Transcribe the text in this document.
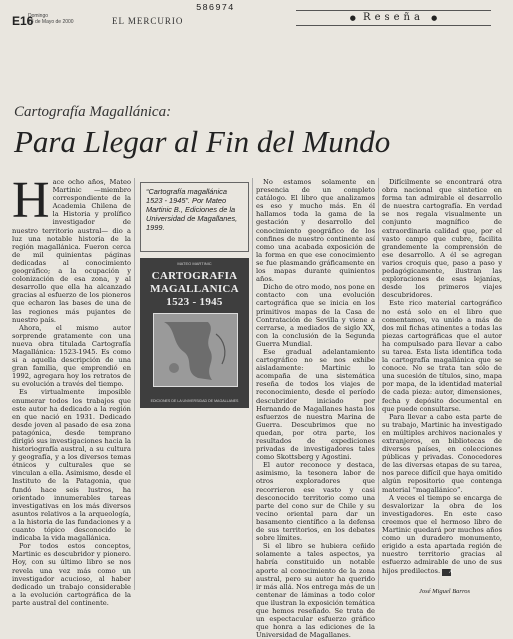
586974
E16
Domingo
28 de Mayo de 2000	EL MERCURIO	● Reseña ●
Cartografía Magallánica:
Para Llegar al Fin del Mundo
H ace ocho años, Mateo Martinic —miembro correspondiente de la Academia Chilena de la Historia y prolífico investigador de nuestro territorio austral— dio a luz una notable historia de la región magallánica. Fueron cerca de mil quinientas páginas dedicadas al conocimiento geográfico; a la ocupación y colonización de esa zona, y al desarrollo que ella ha alcanzado gracias al esfuerzo de los pioneros que echaron las bases de una de las regiones más pujantes de nuestro país.

Ahora, el mismo autor sorprende gratamente con una nueva obra titulada Cartografía Magallánica: 1523-1945. Es como si a aquella descripción de una gran familia, que emprendió en 1992, agregara hoy los retratos de su evolución a través del tiempo.

Es virtualmente imposible enumerar todos los trabajos que este autor ha dedicado a la región en que nació en 1931. Dedicado desde joven al pasado de esa zona patagónica, desde temprano dirigió sus investigaciones hacia la historiografía austral, a su cultura y geografía, y a los diversos temas étnicos y culturales que se vinculan a ella. Asimismo, desde el Instituto de la Patagonia, que fundó hace seis lustros, ha orientado innumerables tareas investigativas en los más diversos asuntos relativos a la arqueología, a la historia de las fundaciones y a cuanto tópico desconocido le indicaba la vida magallánica.

Por todos estos conceptos, Martinic es descubridor y pionero. Hoy, con su último libro se nos revela una vez más como un investigador acucioso, al haber dedicado un trabajo considerable a la evolución cartográfica de la parte austral del continente.

“Cartografía magallánica 1523 - 1945”. Por Mateo Martinic B., Ediciones de la Universidad de Magallanes, 1999.
MATEO MARTINIC
CARTOGRAFIA
MAGALLANICA
1523 - 1945
EDICIONES DE LA UNIVERSIDAD DE MAGALLANES

No estamos solamente en presencia de un completo catálogo. El libro que analizamos es eso y mucho más. En él hallamos toda la gama de la gestación y desarrollo del conocimiento geográfico de los confines de nuestro continente así como una acabada exposición de la forma en que ese conocimiento se fue plasmando gráficamente en los mapas durante quinientos años.

Dicho de otro modo, nos pone en contacto con una evolución cartográfica que se inicia en los primitivos mapas de la Casa de Contratación de Sevilla y viene a cerrarse, a mediados de siglo XX, con la conclusión de la Segunda Guerra Mundial.

Ese gradual adelantamiento cartográfico no se nos exhibe aisladamente: Martinic lo acompaña de una sistemática reseña de todos los viajes de reconocimiento, desde el período descubridor iniciado por Hernando de Magallanes hasta los esfuerzos de nuestra Marina de Guerra. Descubrimos que no quedan, por otra parte, los resultados de expediciones privadas de investigadores tales como Skottsberg y Agostini.

El autor reconoce y destaca, asimismo, la tesonera labor de otros exploradores que recorrieron ese vasto y casi desconocido territorio como una parte del cono sur de Chile y su vecino oriental para dar un basamento científico a la defensa de sus territorios, en los debates sobre límites.

Si el libro se hubiera ceñido solamente a tales aspectos, ya habría constituido un notable aporte al conocimiento de la zona austral, pero su autor ha querido ir más allá. Nos entrega más de un centenar de láminas a todo color que ilustran la exposición temática que hemos reseñado. Se trata de un espectacular esfuerzo gráfico que honra a las ediciones de la Universidad de Magallanes.

Difícilmente se encontrará otra obra nacional que sintetice en forma tan admirable el desarrollo de nuestra cartografía. En verdad se nos regala visualmente un conjunto magnífico de extraordinaria calidad que, por el vasto campo que cubre, facilita grandemente la comprensión de ese desarrollo. A él se agregan varios croquis que, paso a paso y pedagógicamente, ilustran las exploraciones de esas lejanías, desde los primeros viajes descubridores.

Este rico material cartográfico no está solo en el libro que comentamos, va unido a más de dos mil fichas atinentes a todas las piezas cartográficas que el autor ha compulsado para llevar a cabo su tarea. Esta lista identifica toda la cartografía magallánica que se conoce. No se trata tan sólo de una sucesión de títulos, sino, mapa por mapa, de la identidad material de cada pieza: autor, dimensiones, fecha y depósito documental en que puede consultarse.

Para llevar a cabo esta parte de su trabajo, Martinic ha investigado en múltiples archivos nacionales y extranjeros, en bibliotecas de diversos países, en colecciones públicas y privadas. Conocedores de las diversas etapas de su tarea, nos parece difícil que haya omitido algún repositorio que contenga material “magallánico”.

A veces el tiempo se encarga de desvalorizar la obra de los investigadores. En este caso creemos que el hermoso libro de Martinic quedará por muchos años como un duradero monumento, erigido a esta apartada región de nuestro territorio gracias al esfuerzo admirable de uno de sus hijos predilectos. A

José Miguel Barros
